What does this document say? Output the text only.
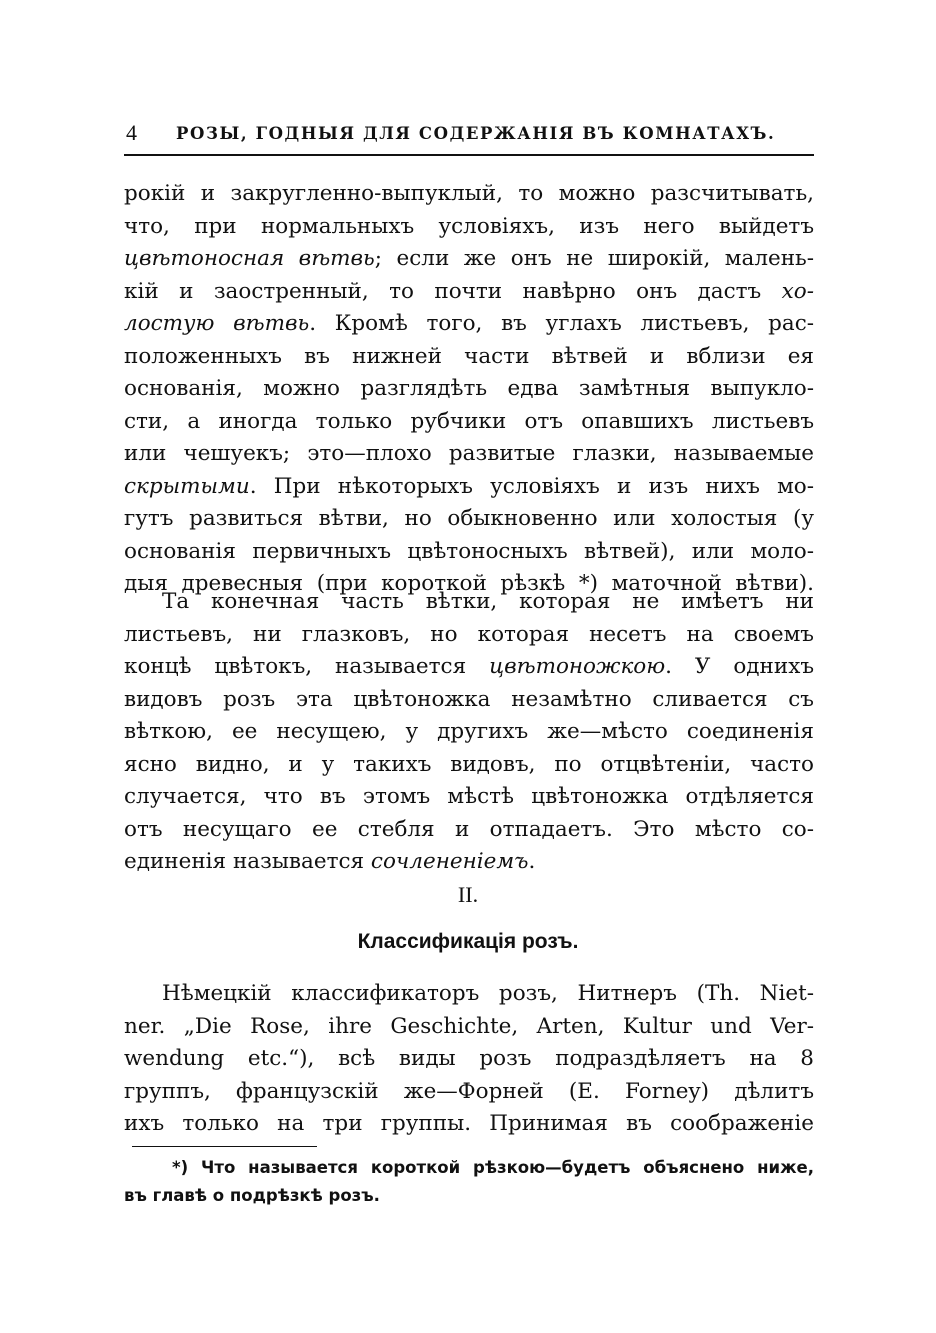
4 РОЗЫ, ГОДНЫЯ ДЛЯ СОДЕРЖАНІЯ ВЪ КОМНАТАХЪ.
рокій и закругленно-выпуклый, то можно разсчитывать,
что, при нормальныхъ условіяхъ, изъ него выйдетъ
цвѣтоносная вѣтвь; если же онъ не широкій, малень-
кій и заостренный, то почти навѣрно онъ дастъ хо-
лостую вѣтвь. Кромѣ того, въ углахъ листьевъ, рас-
положенныхъ въ нижней части вѣтвей и вблизи ея
основанія, можно разглядѣть едва замѣтныя выпукло-
сти, а иногда только рубчики отъ опавшихъ листьевъ
или чешуекъ; это—плохо развитые глазки, называемые
скрытыми. При нѣкоторыхъ условіяхъ и изъ нихъ мо-
гутъ развиться вѣтви, но обыкновенно или холостыя (у
основанія первичныхъ цвѣтоносныхъ вѣтвей), или моло-
дыя древесныя (при короткой рѣзкѣ *) маточной вѣтви).
Та конечная часть вѣтки, которая не имѣетъ ни
листьевъ, ни глазковъ, но которая несетъ на своемъ
концѣ цвѣтокъ, называется цвѣтоножкою. У однихъ
видовъ розъ эта цвѣтоножка незамѣтно сливается съ
вѣткою, ее несущею, у другихъ же—мѣсто соединенія
ясно видно, и у такихъ видовъ, по отцвѣтеніи, часто
случается, что въ этомъ мѣстѣ цвѣтоножка отдѣляется
отъ несущаго ее стебля и отпадаетъ. Это мѣсто со-
единенія называется сочлененіемъ.
II.
Классификація розъ.
Нѣмецкій классификаторъ розъ, Нитнеръ (Th. Niet-
ner. „Die Rose, ihre Geschichte, Arten, Kultur und Ver-
wendung etc.“), всѣ виды розъ подраздѣляетъ на 8
группъ, французскій же—Форней (E. Forney) дѣлитъ
ихъ только на три группы. Принимая въ соображеніе
*) Что называется короткой рѣзкою—будетъ объяснено ниже,
въ главѣ о подрѣзкѣ розъ.
